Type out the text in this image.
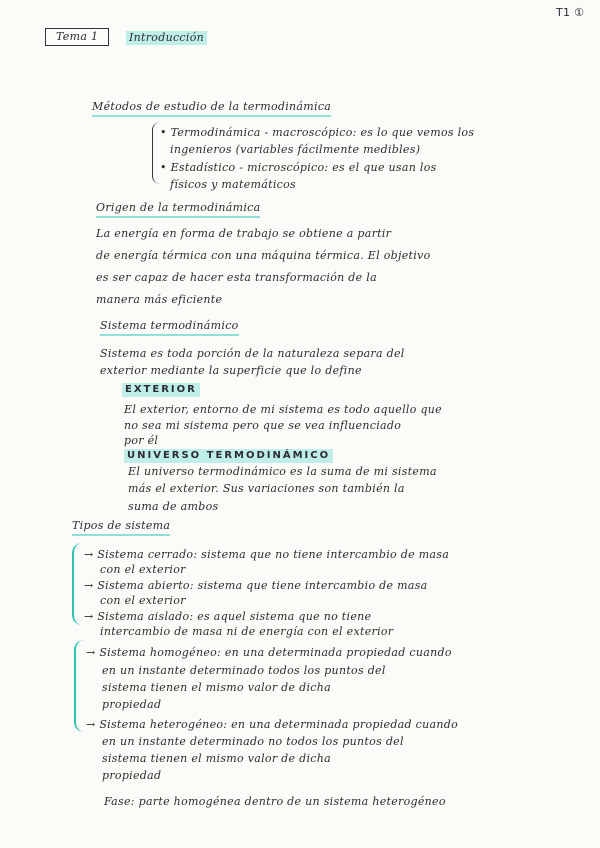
T1 ①
Tema 1	Introducción
Métodos de estudio de la termodinámica
• Termodinámica - macroscópico: es lo que vemos los
ingenieros (variables fácilmente medibles)
• Estadístico - microscópico: es el que usan los
físicos y matemáticos
Origen de la termodinámica
La energía en forma de trabajo se obtiene a partir
de energía térmica con una máquina térmica. El objetivo
es ser capaz de hacer esta transformación de la
manera más eficiente
Sistema termodinámico
Sistema es toda porción de la naturaleza separa del
exterior mediante la superficie que lo define
EXTERIOR
El exterior, entorno de mi sistema es todo aquello que
no sea mi sistema pero que se vea influenciado
por él
UNIVERSO TERMODINÁMICO
El universo termodinámico es la suma de mi sistema
más el exterior. Sus variaciones son también la
suma de ambos
Tipos de sistema
→ Sistema cerrado: sistema que no tiene intercambio de masa
con el exterior
→ Sistema abierto: sistema que tiene intercambio de masa
con el exterior
→ Sistema aislado: es aquel sistema que no tiene
intercambio de masa ni de energía con el exterior
→ Sistema homogéneo: en una determinada propiedad cuando
en un instante determinado todos los puntos del
sistema tienen el mismo valor de dicha
propiedad
→ Sistema heterogéneo: en una determinada propiedad cuando
en un instante determinado no todos los puntos del
sistema tienen el mismo valor de dicha
propiedad
Fase: parte homogénea dentro de un sistema heterogéneo
